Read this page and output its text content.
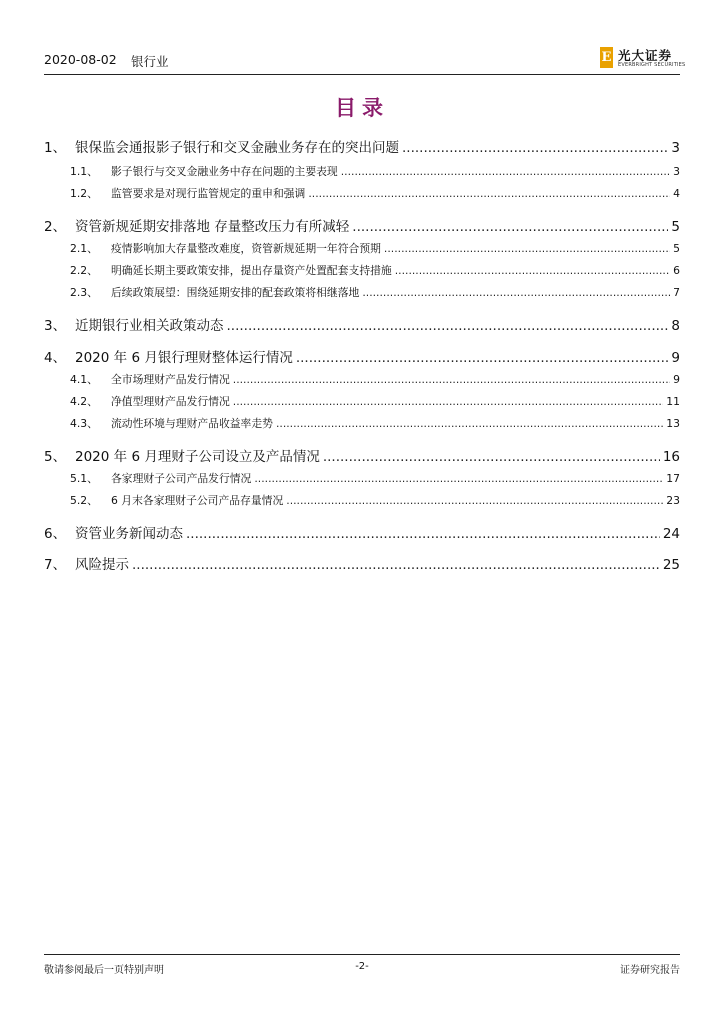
2020-08-02 银行业	E 光大证券
EVERBRIGHT SECURITIES
目录
1、 银保监会通报影子银行和交叉金融业务存在的突出问题 .....	3
1.1、	影子银行与交叉金融业务中存在问题的主要表现 .....	3
1.2、	监管要求是对现行监管规定的重申和强调 .....	4
2、 资管新规延期安排落地 存量整改压力有所减轻 .....	5
2.1、	疫情影响加大存量整改难度，资管新规延期一年符合预期 .....	5
2.2、	明确延长期主要政策安排，提出存量资产处置配套支持措施 .....	6
2.3、	后续政策展望：围绕延期安排的配套政策将相继落地 .....	7
3、 近期银行业相关政策动态 .....	8
4、 2020 年 6 月银行理财整体运行情况 .....	9
4.1、	全市场理财产品发行情况 .....	9
4.2、	净值型理财产品发行情况 .....	11
4.3、	流动性环境与理财产品收益率走势 .....	13
5、 2020 年 6 月理财子公司设立及产品情况 .....	16
5.1、	各家理财子公司产品发行情况 .....	17
5.2、	6 月末各家理财子公司产品存量情况 .....	23
6、 资管业务新闻动态 .....	24
7、 风险提示 .....	25
敬请参阅最后一页特别声明	-2-	证券研究报告
